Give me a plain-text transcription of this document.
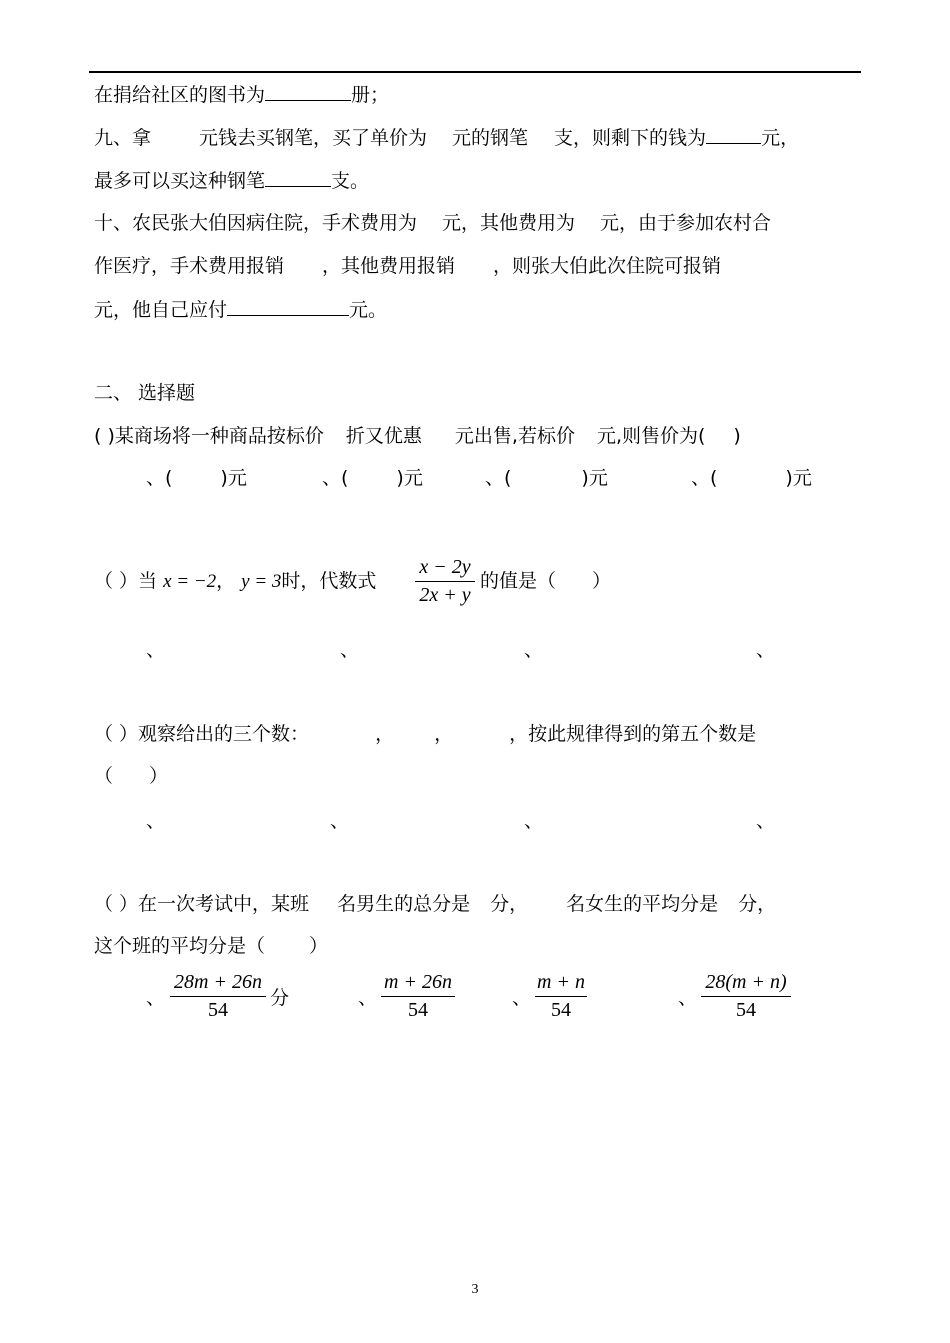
在捐给社区的图书为	册；
九、拿	元钱去买钢笔，买了单价为 元的钢笔 支，则剩下的钱为	元，
最多可以买这种钢笔	支。
十、农民张大伯因病住院，手术费用为 元，其他费用为 元，由于参加农村合
作医疗，手术费用报销 ，其他费用报销 ，则张大伯此次住院可报销
元，他自己应付	元。
二、 选择题
( )某商场将一种商品按标价 折又优惠 元出售,若标价 元,则售价为( )
、(	)元	、(	)元	、(	)元	、(	)元
（ ）当 x = −2， y = 3时，代数式
x − 2y
2x + y
的值是（ ）
、	、	、	、
（ ）观察给出的三个数：	， ，	，按此规律得到的第五个数是
（ ）
、	、	、	、
（ ）在一次考试中，某班 名男生的总分是 分， 名女生的平均分是 分，
这个班的平均分是（ ）
、
28m + 26n
54
分	、
m + 26n
54
、
m + n
54
、
28(m + n)
54
3
